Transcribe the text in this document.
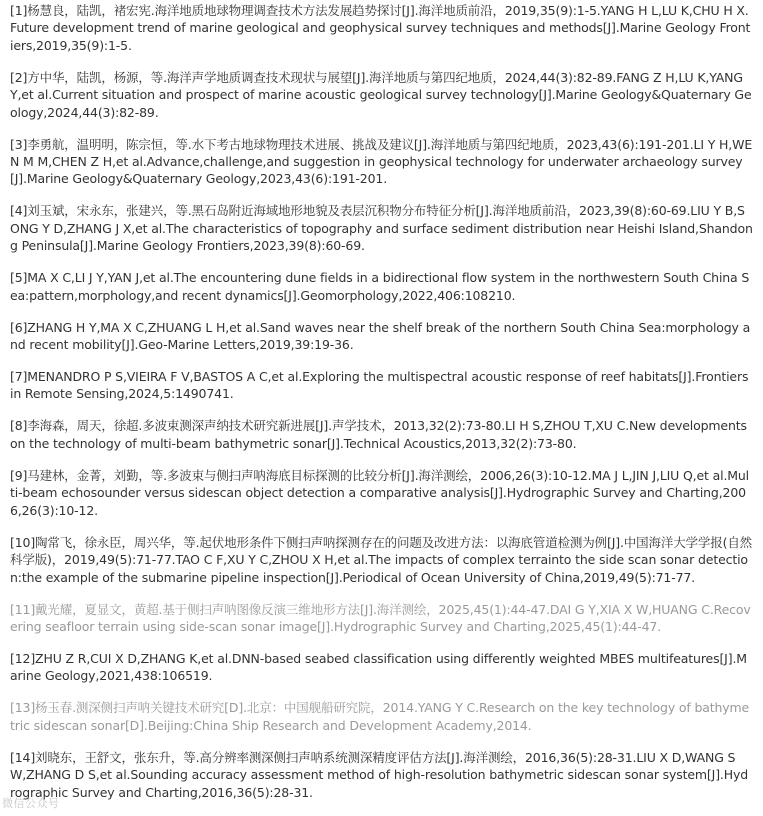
[1]杨慧良，陆凯，褚宏宪.海洋地质地球物理调查技术方法发展趋势探讨[J].海洋地质前沿，2019,35(9):1-5.YANG H L,LU K,CHU H X.Future development trend of marine geological and geophysical survey techniques and methods[J].Marine Geology Frontiers,2019,35(9):1-5.

[2]方中华，陆凯，杨源，等.海洋声学地质调查技术现状与展望[J].海洋地质与第四纪地质，2024,44(3):82-89.FANG Z H,LU K,YANG Y,et al.Current situation and prospect of marine acoustic geological survey technology[J].Marine Geology&Quaternary Geology,2024,44(3):82-89.

[3]李勇航，温明明，陈宗恒，等.水下考古地球物理技术进展、挑战及建议[J].海洋地质与第四纪地质，2023,43(6):191-201.LI Y H,WEN M M,CHEN Z H,et al.Advance,challenge,and suggestion in geophysical technology for underwater archaeology survey[J].Marine Geology&Quaternary Geology,2023,43(6):191-201.

[4]刘玉斌，宋永东，张建兴，等.黑石岛附近海域地形地貌及表层沉积物分布特征分析[J].海洋地质前沿，2023,39(8):60-69.LIU Y B,SONG Y D,ZHANG J X,et al.The characteristics of topography and surface sediment distribution near Heishi Island,Shandong Peninsula[J].Marine Geology Frontiers,2023,39(8):60-69.

[5]MA X C,LI J Y,YAN J,et al.The encountering dune fields in a bidirectional flow system in the northwestern South China Sea:pattern,morphology,and recent dynamics[J].Geomorphology,2022,406:108210.

[6]ZHANG H Y,MA X C,ZHUANG L H,et al.Sand waves near the shelf break of the northern South China Sea:morphology and recent mobility[J].Geo-Marine Letters,2019,39:19-36.

[7]MENANDRO P S,VIEIRA F V,BASTOS A C,et al.Exploring the multispectral acoustic response of reef habitats[J].Frontiers in Remote Sensing,2024,5:1490741.

[8]李海森，周天，徐超.多波束测深声纳技术研究新进展[J].声学技术，2013,32(2):73-80.LI H S,ZHOU T,XU C.New developments on the technology of multi-beam bathymetric sonar[J].Technical Acoustics,2013,32(2):73-80.

[9]马建林，金菁，刘勤，等.多波束与侧扫声呐海底目标探测的比较分析[J].海洋测绘，2006,26(3):10-12.MA J L,JIN J,LIU Q,et al.Multi-beam echosounder versus sidescan object detection a comparative analysis[J].Hydrographic Survey and Charting,2006,26(3):10-12.

[10]陶常飞，徐永臣，周兴华，等.起伏地形条件下侧扫声呐探测存在的问题及改进方法：以海底管道检测为例[J].中国海洋大学学报(自然科学版)，2019,49(5):71-77.TAO C F,XU Y C,ZHOU X H,et al.The impacts of complex terrainto the side scan sonar detection:the example of the submarine pipeline inspection[J].Periodical of Ocean University of China,2019,49(5):71-77.

[11]戴光耀，夏显文，黄超.基于侧扫声呐图像反演三维地形方法[J].海洋测绘，2025,45(1):44-47.DAI G Y,XIA X W,HUANG C.Recovering seafloor terrain using side-scan sonar image[J].Hydrographic Survey and Charting,2025,45(1):44-47.

[12]ZHU Z R,CUI X D,ZHANG K,et al.DNN-based seabed classification using differently weighted MBES multifeatures[J].Marine Geology,2021,438:106519.

[13]杨玉春.测深侧扫声呐关键技术研究[D].北京：中国舰船研究院，2014.YANG Y C.Research on the key technology of bathymetric sidescan sonar[D].Beijing:China Ship Research and Development Academy,2014.

[14]刘晓东，王舒文，张东升，等.高分辨率测深侧扫声呐系统测深精度评估方法[J].海洋测绘，2016,36(5):28-31.LIU X D,WANG S W,ZHANG D S,et al.Sounding accuracy assessment method of high-resolution bathymetric sidescan sonar system[J].Hydrographic Survey and Charting,2016,36(5):28-31.

微信公众号
